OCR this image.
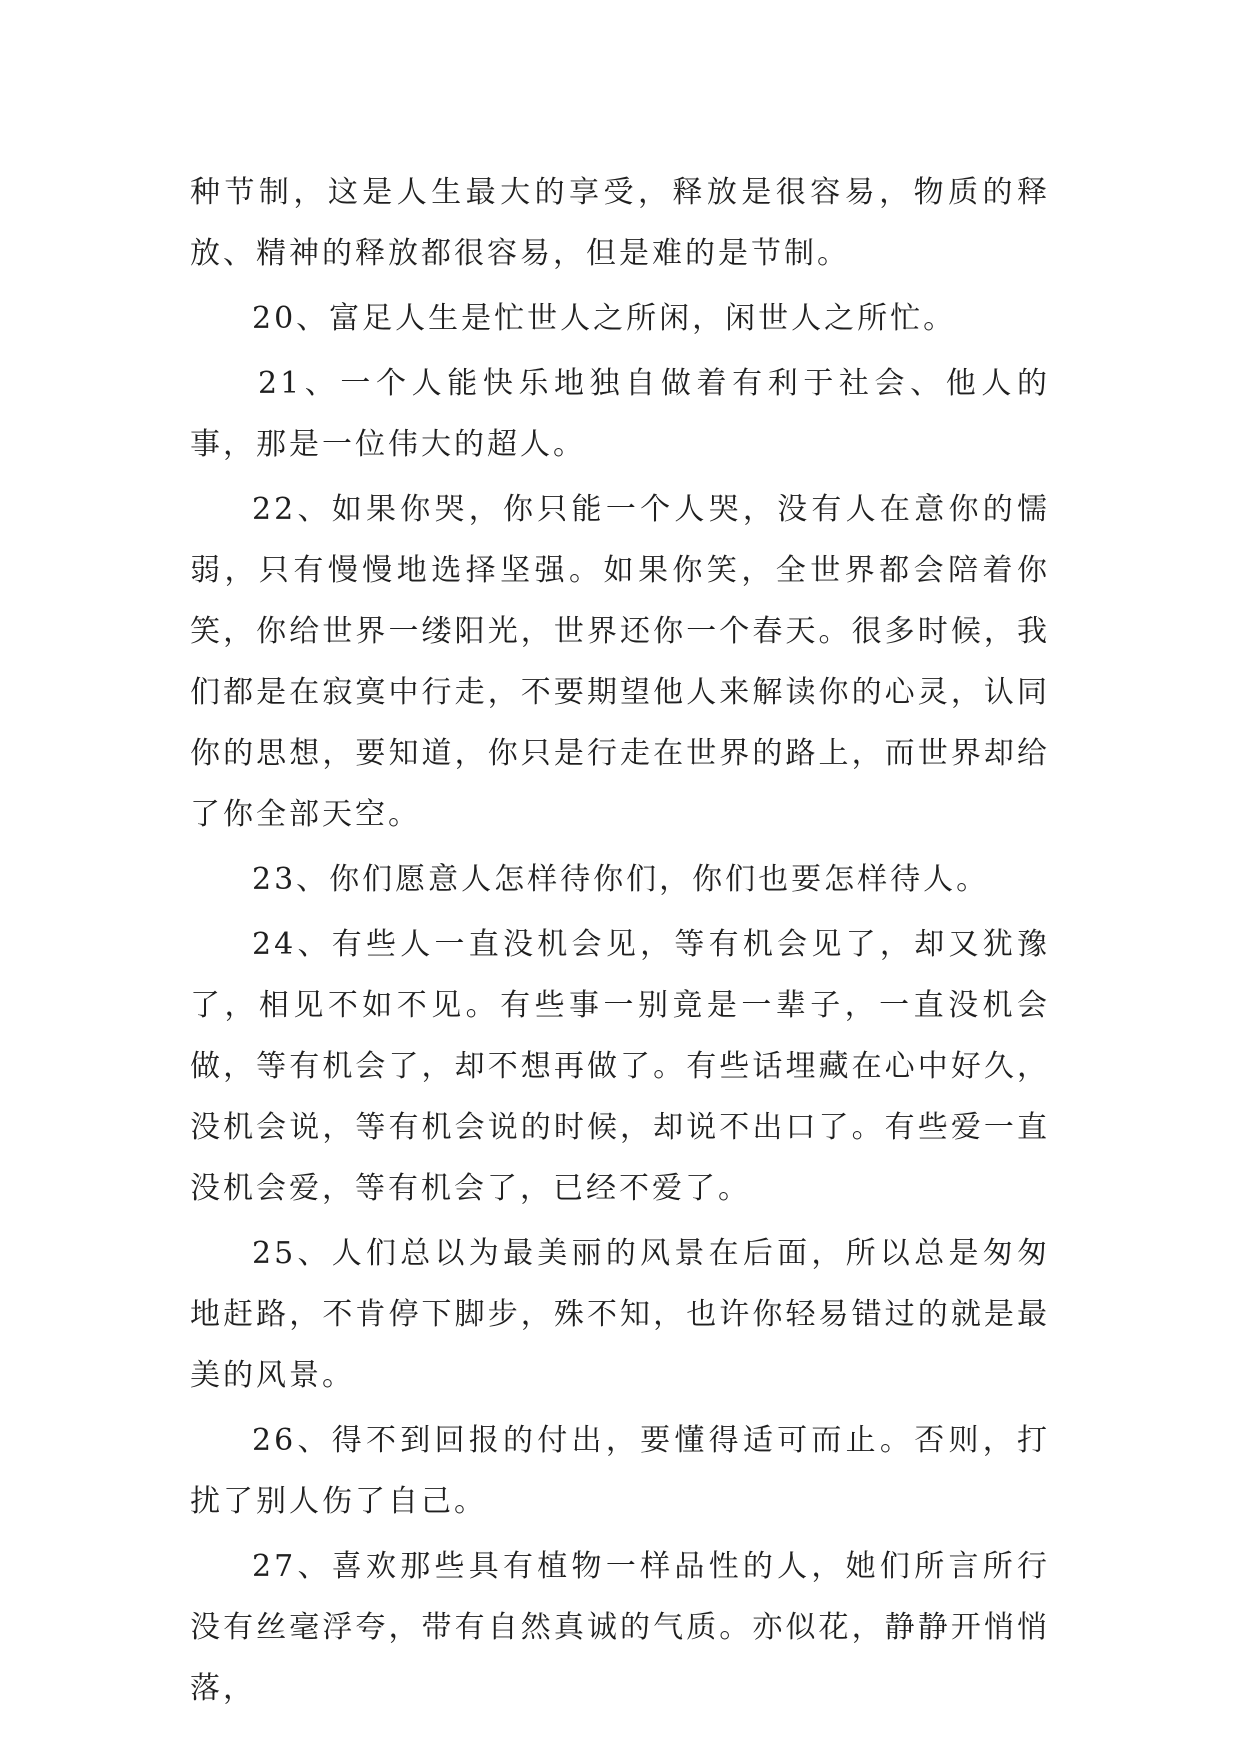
种节制，这是人生最大的享受，释放是很容易，物质的释放、精神的释放都很容易，但是难的是节制。

20、富足人生是忙世人之所闲，闲世人之所忙。

21、一个人能快乐地独自做着有利于社会、他人的事，那是一位伟大的超人。

22、如果你哭，你只能一个人哭，没有人在意你的懦弱，只有慢慢地选择坚强。如果你笑，全世界都会陪着你笑，你给世界一缕阳光，世界还你一个春天。很多时候，我们都是在寂寞中行走，不要期望他人来解读你的心灵，认同你的思想，要知道，你只是行走在世界的路上，而世界却给了你全部天空。

23、你们愿意人怎样待你们，你们也要怎样待人。

24、有些人一直没机会见，等有机会见了，却又犹豫了，相见不如不见。有些事一别竟是一辈子，一直没机会做，等有机会了，却不想再做了。有些话埋藏在心中好久，没机会说，等有机会说的时候，却说不出口了。有些爱一直没机会爱，等有机会了，已经不爱了。

25、人们总以为最美丽的风景在后面，所以总是匆匆地赶路，不肯停下脚步，殊不知，也许你轻易错过的就是最美的风景。

26、得不到回报的付出，要懂得适可而止。否则，打扰了别人伤了自己。

27、喜欢那些具有植物一样品性的人，她们所言所行没有丝毫浮夸，带有自然真诚的气质。亦似花，静静开悄悄落，
